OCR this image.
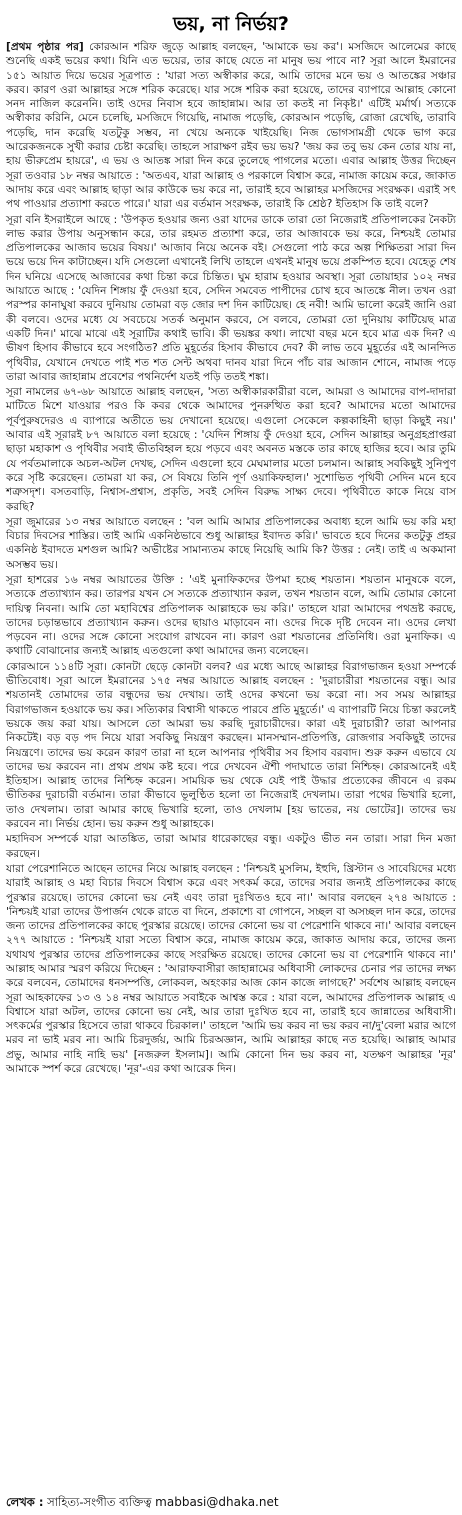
ভয়, না নির্ভয়?

[প্রথম পৃষ্ঠার পর] কোরআন শরিফ জুড়ে আল্লাহ বলছেন, 'আমাকে ভয় কর'। মসজিদে আলেমের কাছে শুনেছি একই ভয়ের কথা। যিনি এত ভয়ের, তার কাছে যেতে না মানুষ ভয় পাবে না? সূরা আলে ইমরানের ১৫১ আয়াত দিয়ে ভয়ের সূত্রপাত : 'যারা সত্য অস্বীকার করে, আমি তাদের মনে ভয় ও আতঙ্কের সঞ্চার করব। কারণ ওরা আল্লাহর সঙ্গে শরিক করেছে। যার সঙ্গে শরিক করা হয়েছে, তাদের ব্যাপারে আল্লাহ কোনো সনদ নাজিল করেননি। তাই ওদের নিবাস হবে জাহান্নাম। আর তা কতই না নিকৃষ্ট।' এটিই মর্মার্থ। সত্যকে অস্বীকার করিনি, মেনে চলেছি, মসজিদে গিয়েছি, নামাজ পড়েছি, কোরআন পড়েছি, রোজা রেখেছি, তারাবি পড়েছি, দান করেছি যতটুকু সম্ভব, না খেয়ে অন্যকে খাইয়েছি। নিজ ভোগসামগ্রী থেকে ভাগ করে আরেকজনকে সুখী করার চেষ্টা করেছি। তাহলে সারাক্ষণ রইব ভয় ভয়? 'জয় কর তবু ভয় কেন তোর যায় না, হায় ভীরুপ্রেম হায়রে', এ ভয় ও আতঙ্ক সারা দিন করে তুলেছে পাগলের মতো। এবার আল্লাহ উত্তর দিচ্ছেন সূরা তওবার ১৮ নম্বর আয়াতে : 'অতএব, যারা আল্লাহ ও পরকালে বিশ্বাস করে, নামাজ কায়েম করে, জাকাত আদায় করে এবং আল্লাহ ছাড়া আর কাউকে ভয় করে না, তারাই হবে আল্লাহর মসজিদের সংরক্ষক। এরাই সৎ পথ পাওয়ার প্রত্যাশা করতে পারে।' যারা এর বর্তমান সংরক্ষক, তারাই কি শ্রেষ্ঠ? ইতিহাস কি তাই বলে?

সূরা বনি ইসরাইলে আছে : 'উপকৃত হওয়ার জন্য ওরা যাদের ডাকে তারা তো নিজেরাই প্রতিপালকের নৈকট্য লাভ করার উপায় অনুসন্ধান করে, তার রহমত প্রত্যাশা করে, তার আজাবকে ভয় করে, নিশ্চয়ই তোমার প্রতিপালকের আজাব ভয়ের বিষয়।' আজাব নিয়ে অনেক বই। সেগুলো পাঠ করে অল্প শিক্ষিতরা সারা দিন ভয়ে ভয়ে দিন কাটাচ্ছেন। যদি সেগুলো এখানেই লিখি তাহলে এখনই মানুষ ভয়ে প্রকম্পিত হবে। যেহেতু শেষ দিন ঘনিয়ে এসেছে আজাবের কথা চিন্তা করে চিন্তিত। ঘুম হারাম হওয়ার অবস্থা। সূরা তোয়াহার ১০২ নম্বর আয়াতে আছে : 'যেদিন শিঙ্গায় ফুঁ দেওয়া হবে, সেদিন সমবেত পাপীদের চোখ হবে আতঙ্কে নীল। তখন ওরা পরস্পর কানাঘুষা করবে দুনিয়ায় তোমরা বড় জোর দশ দিন কাটিয়েছ। হে নবী! আমি ভালো করেই জানি ওরা কী বলবে। ওদের মধ্যে যে সবচেয়ে সতর্ক অনুমান করবে, সে বলবে, তোমরা তো দুনিয়ায় কাটিয়েছ মাত্র একটি দিন।' মাঝে মাঝে এই সূরাটির কথাই ভাবি। কী ভয়ঙ্কর কথা। লাখো বছর মনে হবে মাত্র এক দিন? এ ভীষণ হিসাব কীভাবে হবে সংগঠিত? প্রতি মুহূর্তের হিসাব কীভাবে দেব? কী লাভ তবে মুহূর্তের এই আনন্দিত পৃথিবীর, যেখানে দেখতে পাই শত শত সেন্ট অথবা দানব যারা দিনে পাঁচ বার আজান শোনে, নামাজ পড়ে তারা আবার জাহান্নাম প্রবেশের পথনির্দেশ যতই পড়ি ততই শঙ্কা।

সূরা নামলের ৬৭-৬৮ আয়াতে আল্লাহ বলছেন, 'সত্য অস্বীকারকারীরা বলে, আমরা ও আমাদের বাপ-দাদারা মাটিতে মিশে যাওয়ার পরও কি কবর থেকে আমাদের পুনরুত্থিত করা হবে? আমাদের মতো আমাদের পূর্বপুরুষদেরও এ ব্যাপারে অতীতে ভয় দেখানো হয়েছে। এগুলো সেকেলে কল্পকাহিনী ছাড়া কিছুই নয়।' আবার এই সূরারই ৮৭ আয়াতে বলা হয়েছে : 'যেদিন শিঙ্গায় ফুঁ দেওয়া হবে, সেদিন আল্লাহর অনুগ্রহপ্রাপ্তরা ছাড়া মহাকাশ ও পৃথিবীর সবাই ভীতবিহ্বল হয়ে পড়বে এবং অবনত মস্তকে তার কাছে হাজির হবে। আর তুমি যে পর্বতমালাকে অচল-অটল দেখছ, সেদিন এগুলো হবে মেঘমালার মতো চলমান। আল্লাহ সবকিছুই সুনিপুণ করে সৃষ্টি করেছেন। তোমরা যা কর, সে বিষয়ে তিনি পূর্ণ ওয়াকিফহাল।' সুশোভিত পৃথিবী সেদিন মনে হবে শত্রুসদৃশ। বসতবাড়ি, নিশ্বাস-প্রশ্বাস, প্রকৃতি, সবই সেদিন বিরুদ্ধ সাক্ষ্য দেবে। পৃথিবীতে কাকে নিয়ে বাস করছি?

সূরা জুমারের ১৩ নম্বর আয়াতে বলছেন : 'বল আমি আমার প্রতিপালকের অবাধ্য হলে আমি ভয় করি মহা বিচার দিবসের শাস্তির। তাই আমি একনিষ্ঠভাবে শুধু আল্লাহর ইবাদত করি।' ভাবতে হবে দিনের কতটুকু প্রহর একনিষ্ঠ ইবাদতে মশগুল আমি? অভীষ্টের সামান্যতম কাছে নিয়েছি আমি কি? উত্তর : নেই। তাই এ অকমানা অসম্ভব ভয়।

সূরা হাশরের ১৬ নম্বর আয়াতের উক্তি : 'এই মুনাফিকদের উপমা হচ্ছে শয়তান। শয়তান মানুষকে বলে, সত্যকে প্রত্যাখ্যান কর। তারপর যখন সে সত্যকে প্রত্যাখ্যান করল, তখন শয়তান বলে, আমি তোমার কোনো দায়িত্ব নিবনা। আমি তো মহাবিশ্বের প্রতিপালক আল্লাহকে ভয় করি।' তাহলে যারা আমাদের পথভ্রষ্ট করছে, তাদের চড়ান্তভাবে প্রত্যাখ্যান করুন। ওদের ছায়াও মাড়াবেন না। ওদের দিকে দৃষ্টি দেবেন না। ওদের লেখা পড়বেন না। ওদের সঙ্গে কোনো সংযোগ রাখবেন না। কারণ ওরা শয়তানের প্রতিনিধি। ওরা মুনাফিক। এ কথাটি বোঝানোর জন্যই আল্লাহ এতগুলো কথা আমাদের জন্য বলেছেন।

কোরআনে ১১৪টি সূরা। কোনটা ছেড়ে কোনটা বলব? এর মধ্যে আছে আল্লাহর বিরাগভাজন হওয়া সম্পর্কে ভীতিবোধ। সূরা আলে ইমরানের ১৭৫ নম্বর আয়াতে আল্লাহ বলছেন : 'দুরাচারীরা শয়তানের বন্ধু। আর শয়তানই তোমাদের তার বন্ধুদের ভয় দেখায়। তাই ওদের কখনো ভয় করো না। সব সময় আল্লাহর বিরাগভাজন হওয়াকে ভয় কর। সত্যিকার বিশ্বাসী থাকতে পারবে প্রতি মুহূর্তে।' এ ব্যাপারটি নিয়ে চিন্তা করলেই ভয়কে জয় করা যায়। আসলে তো আমরা ভয় করছি দুরাচারীদের। কারা এই দুরাচারী? তারা আপনার নিকটেই। বড় বড় পদ নিয়ে যারা সবকিছু নিয়ন্ত্রণ করছেন। মানসম্মান-প্রতিপত্তি, রোজগার সবকিছুই তাদের নিয়ন্ত্রণে। তাদের ভয় করেন কারণ তারা না হলে আপনার পৃথিবীর সব হিসাব বরবাদ। শুরু করুন এভাবে যে তাদের ভয় করবেন না। প্রথম প্রথম কষ্ট হবে। পরে দেখবেন ঐশী পদাঘাতে তারা নিশ্চিহ্ন। কোরআনেই এই ইতিহাস। আল্লাহ তাদের নিশ্চিহ্ন করেন। সাময়িক ভয় থেকে যেই পাই উদ্ধার প্রত্যেকের জীবনে এ রকম ভীতিকর দুরাচারী বর্তমান। তারা কীভাবে ভূলুণ্ঠিত হলো তা নিজেরাই দেখলাম। তারা পথের ভিখারি হলো, তাও দেখলাম। তারা আমার কাছে ভিখারি হলো, তাও দেখলাম [হয় ভাতের, নয় ভোটের]। তাদের ভয় করবেন না। নির্ভয় হোন। ভয় করুন শুধু আল্লাহকে।

মহাদিবস সম্পর্কে যারা আতঙ্কিত, তারা আমার ধারেকাছের বন্ধু। একটুও ভীত নন তারা। সারা দিন মজা করছেন।

যারা পেরেশানিতে আছেন তাদের নিয়ে আল্লাহ বলছেন : 'নিশ্চয়ই মুসলিম, ইহুদি, খ্রিস্টান ও সাবেয়িদের মধ্যে যারাই আল্লাহ ও মহা বিচার দিবসে বিশ্বাস করে এবং সৎকর্ম করে, তাদের সবার জন্যই প্রতিপালকের কাছে পুরস্কার রয়েছে। তাদের কোনো ভয় নেই এবং তারা দুঃখিতও হবে না।' আবার বলছেন ২৭৪ আয়াতে : 'নিশ্চয়ই যারা তাদের উপার্জন থেকে রাতে বা দিনে, প্রকাশ্যে বা গোপনে, সচ্ছল বা অসচ্ছল দান করে, তাদের জন্য তাদের প্রতিপালকের কাছে পুরস্কার রয়েছে। তাদের কোনো ভয় বা পেরেশানি থাকবে না।' আবার বলছেন ২৭৭ আয়াতে : 'নিশ্চয়ই যারা সত্যে বিশ্বাস করে, নামাজ কায়েম করে, জাকাত আদায় করে, তাদের জন্য যথাযথ পুরস্কার তাদের প্রতিপালকের কাছে সংরক্ষিত রয়েছে। তাদের কোনো ভয় বা পেরেশানি থাকবে না।' আল্লাহ আমার স্মরণ করিয়ে দিচ্ছেন : 'আরাফবাসীরা জাহান্নামের অধিবাসী লোকদের চেনার পর তাদের লক্ষ্য করে বলবেন, তোমাদের ধনসম্পত্তি, লোকবল, অহংকার আজ কোন কাজে লাগছে?' সর্বশেষ আল্লাহ বলছেন সূরা আহকাফের ১৩ ও ১৪ নম্বর আয়াতে সবাইকে আশ্বস্ত করে : যারা বলে, আমাদের প্রতিপালক আল্লাহ এ বিশ্বাসে যারা অটল, তাদের কোনো ভয় নেই, আর তারা দুঃখিত হবে না, তারাই হবে জান্নাতের অধিবাসী। সৎকর্মের পুরস্কার হিসেবে তারা থাকবে চিরকাল।' তাহলে 'আমি ভয় করব না ভয় করব না/দু'বেলা মরার আগে মরব না ভাই মরব না। আমি চিরদুর্জয়, আমি চিরঅজ্ঞান, আমি আল্লাহর কাছে নত হয়েছি। আল্লাহ আমার প্রভু, আমার নাহি নাহি ভয়' [নজরুল ইসলাম]। আমি কোনো দিন ভয় করব না, যতক্ষণ আল্লাহর 'নূর' আমাকে স্পর্শ করে রেখেছে। 'নূর'-এর কথা আরেক দিন।

লেখক : সাহিত্য-সংগীত ব্যক্তিত্ব mabbasi@dhaka.net
